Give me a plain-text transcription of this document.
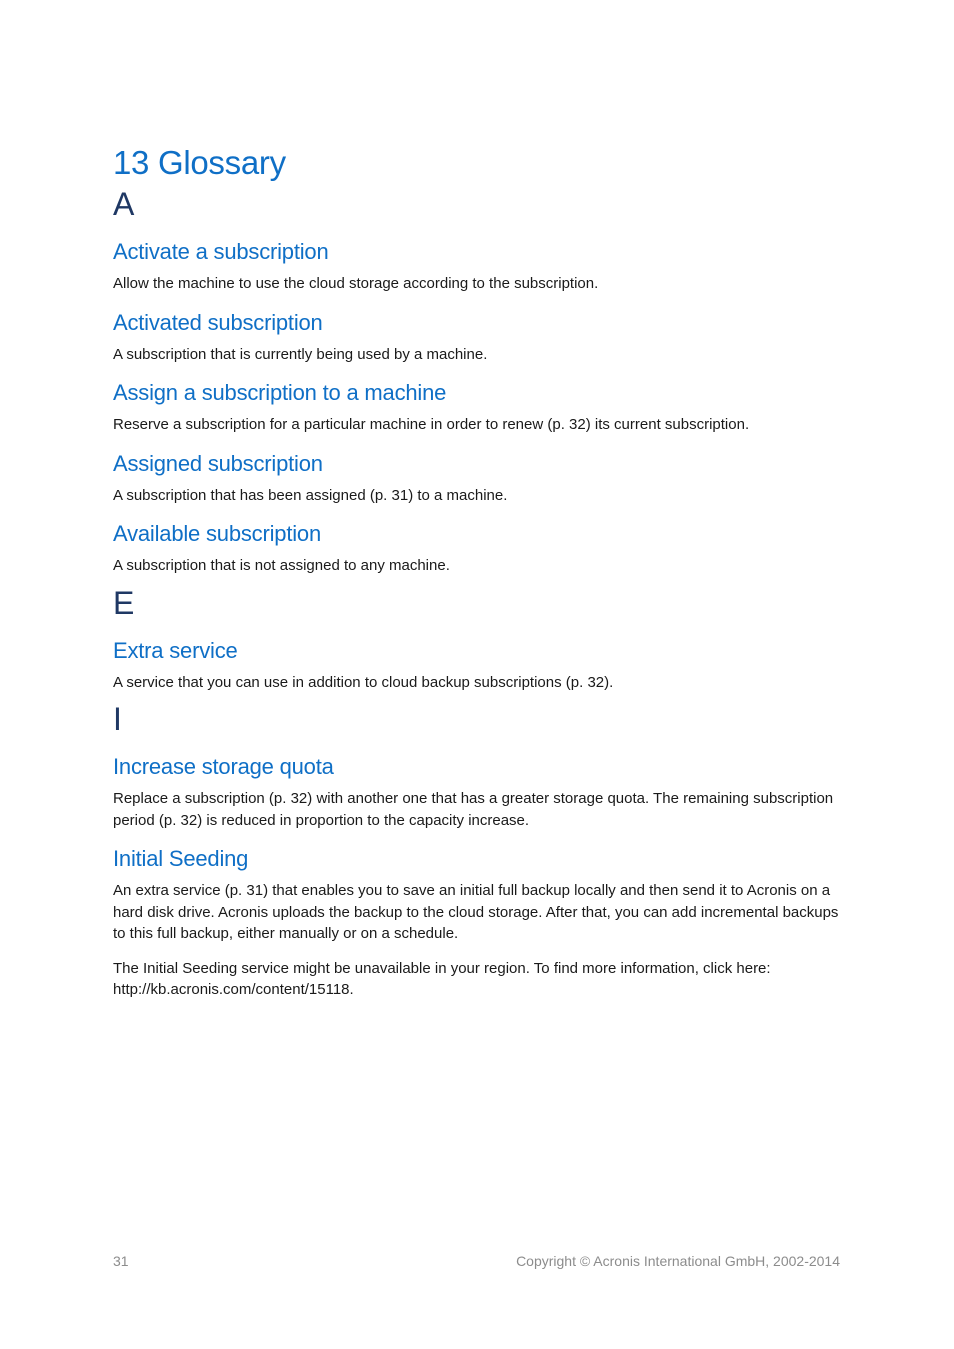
13 Glossary
A
Activate a subscription

Allow the machine to use the cloud storage according to the subscription.

Activated subscription

A subscription that is currently being used by a machine.

Assign a subscription to a machine

Reserve a subscription for a particular machine in order to renew (p. 32) its current subscription.

Assigned subscription

A subscription that has been assigned (p. 31) to a machine.

Available subscription

A subscription that is not assigned to any machine.

E
Extra service

A service that you can use in addition to cloud backup subscriptions (p. 32).

I
Increase storage quota

Replace a subscription (p. 32) with another one that has a greater storage quota. The remaining subscription period (p. 32) is reduced in proportion to the capacity increase.

Initial Seeding

An extra service (p. 31) that enables you to save an initial full backup locally and then send it to Acronis on a hard disk drive. Acronis uploads the backup to the cloud storage. After that, you can add incremental backups to this full backup, either manually or on a schedule.

The Initial Seeding service might be unavailable in your region. To find more information, click here: http://kb.acronis.com/content/15118.

31	Copyright © Acronis International GmbH, 2002-2014
